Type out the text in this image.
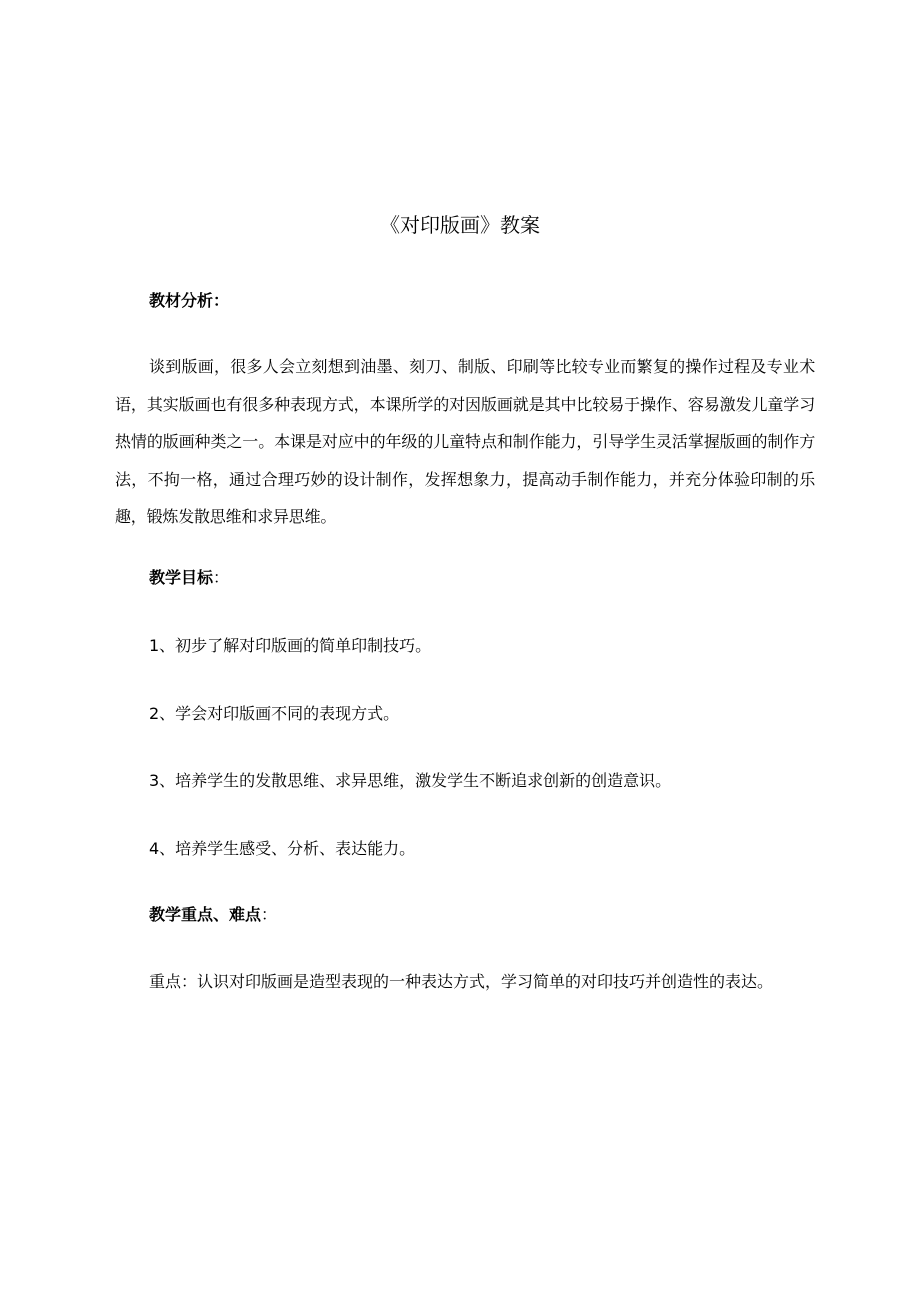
《对印版画》教案
教材分析：
谈到版画，很多人会立刻想到油墨、刻刀、制版、印刷等比较专业而繁复的操作过程及专业术语，其实版画也有很多种表现方式，本课所学的对因版画就是其中比较易于操作、容易激发儿童学习热情的版画种类之一。本课是对应中的年级的儿童特点和制作能力，引导学生灵活掌握版画的制作方法，不拘一格，通过合理巧妙的设计制作，发挥想象力，提高动手制作能力，并充分体验印制的乐趣，锻炼发散思维和求异思维。
教学目标：
1、初步了解对印版画的简单印制技巧。
2、学会对印版画不同的表现方式。
3、培养学生的发散思维、求异思维，激发学生不断追求创新的创造意识。
4、培养学生感受、分析、表达能力。
教学重点、难点：
重点：认识对印版画是造型表现的一种表达方式，学习简单的对印技巧并创造性的表达。
